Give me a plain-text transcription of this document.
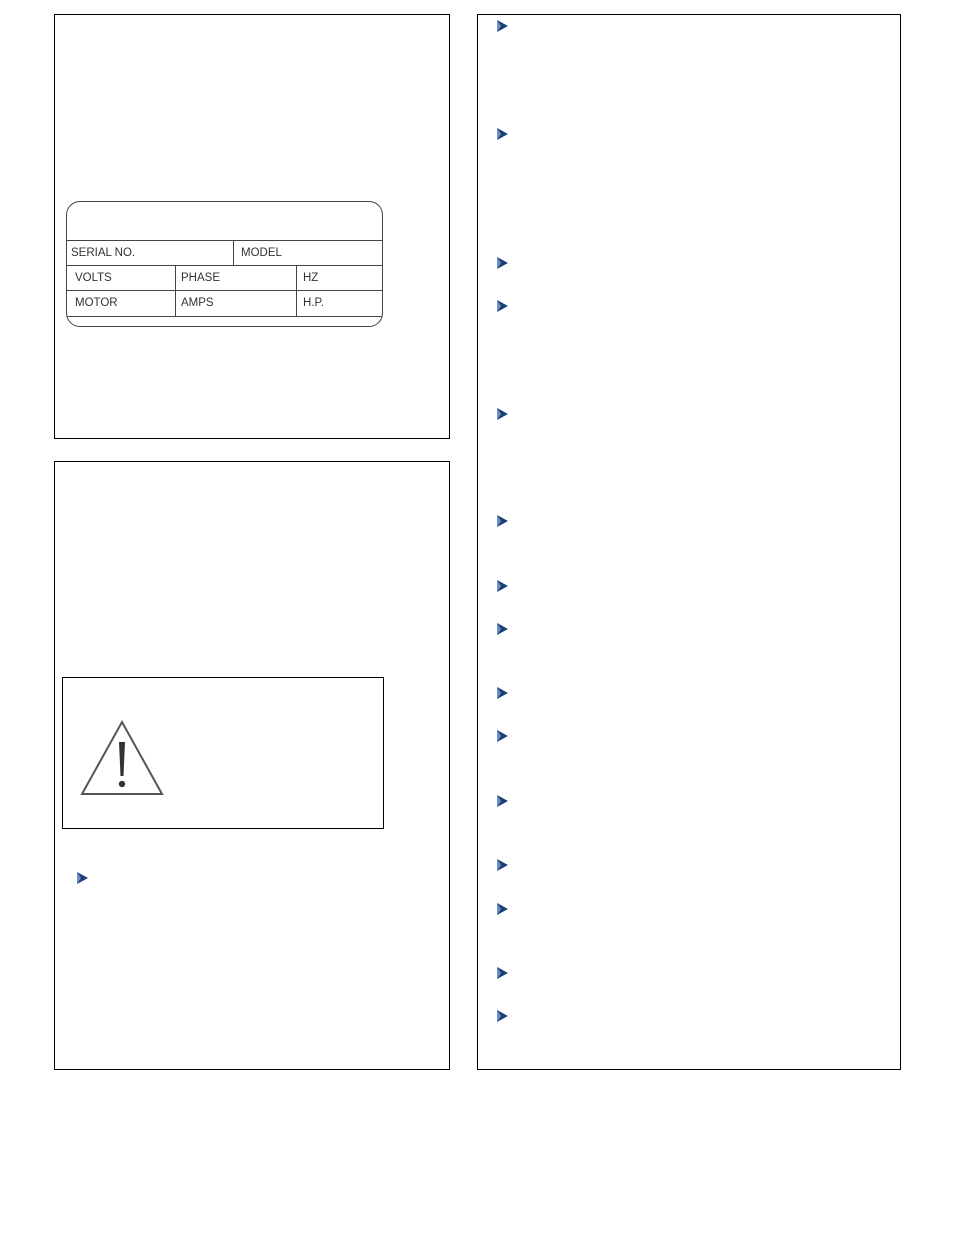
SERIAL NO.	MODEL
VOLTS	PHASE	HZ
MOTOR	AMPS	H.P.
